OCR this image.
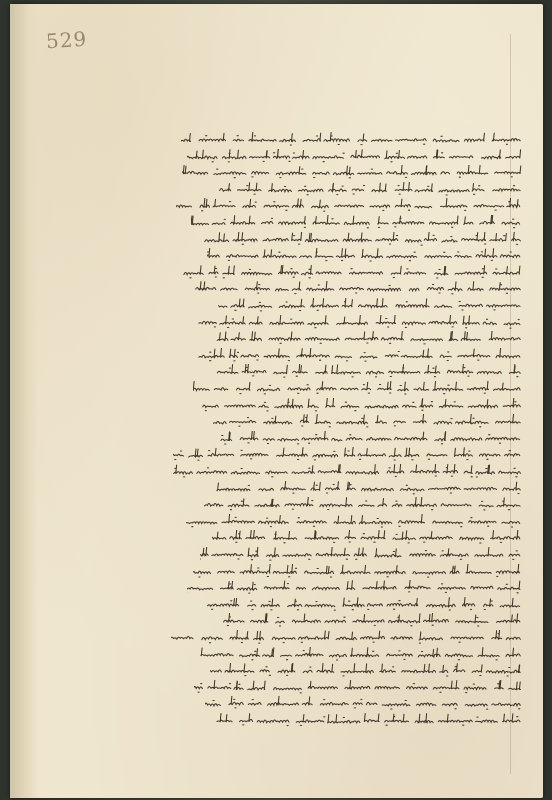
529
